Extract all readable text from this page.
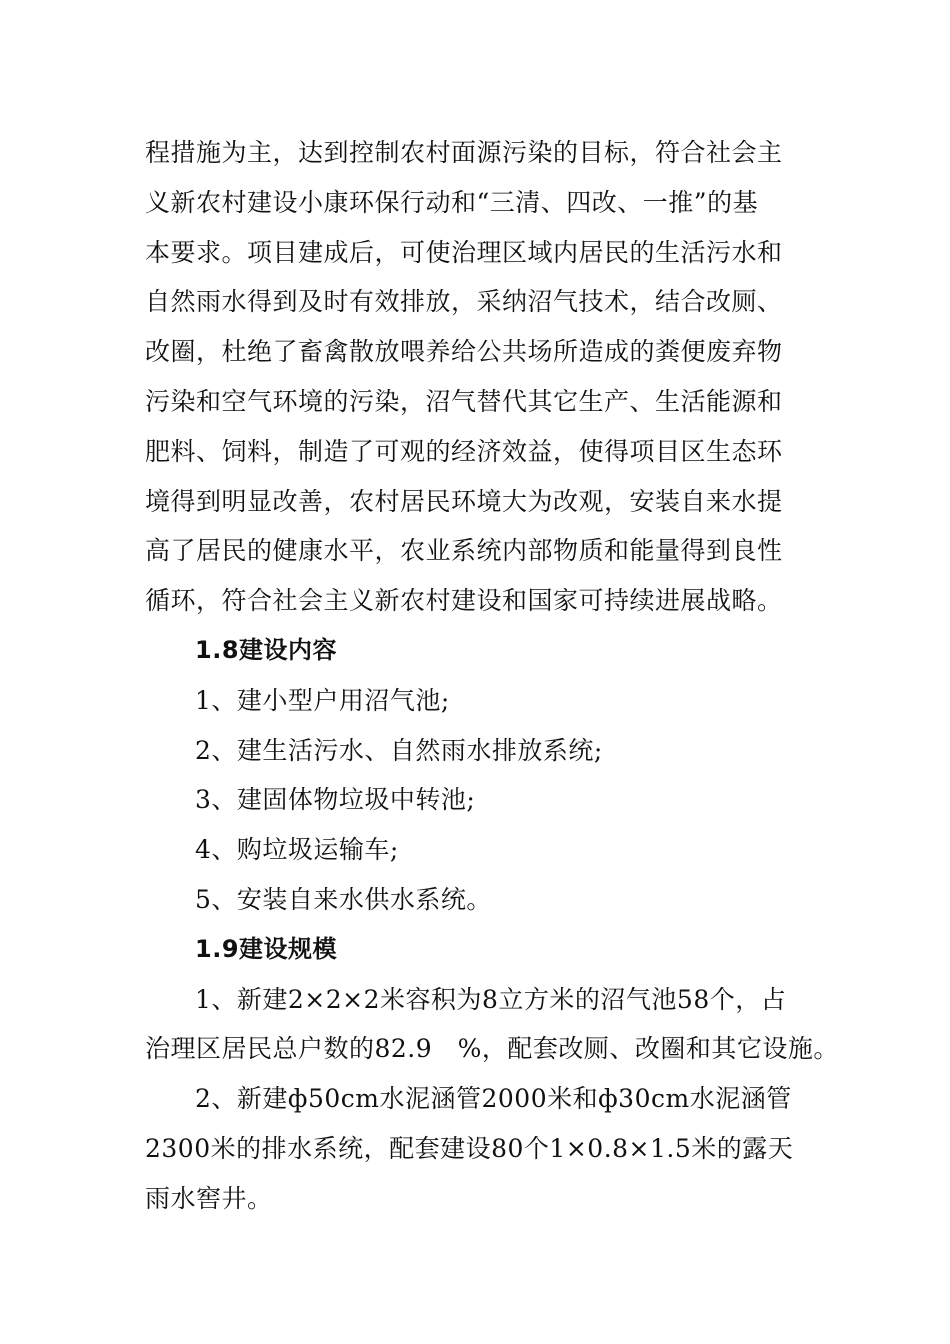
程措施为主，达到控制农村面源污染的目标，符合社会主
义新农村建设小康环保行动和“三清、四改、一推”的基
本要求。项目建成后，可使治理区域内居民的生活污水和
自然雨水得到及时有效排放，采纳沼气技术，结合改厕、
改圈，杜绝了畜禽散放喂养给公共场所造成的粪便废弃物
污染和空气环境的污染，沼气替代其它生产、生活能源和
肥料、饲料，制造了可观的经济效益，使得项目区生态环
境得到明显改善，农村居民环境大为改观，安装自来水提
高了居民的健康水平，农业系统内部物质和能量得到良性
循环，符合社会主义新农村建设和国家可持续进展战略。
1.8建设内容
1、建小型户用沼气池;
2、建生活污水、自然雨水排放系统;
3、建固体物垃圾中转池;
4、购垃圾运输车;
5、安装自来水供水系统。
1.9建设规模
1、新建2×2×2米容积为8立方米的沼气池58个，占
治理区居民总户数的82.9　%，配套改厕、改圈和其它设施。
2、新建ф50cm水泥涵管2000米和ф30cm水泥涵管
2300米的排水系统，配套建设80个1×0.8×1.5米的露天
雨水窖井。
